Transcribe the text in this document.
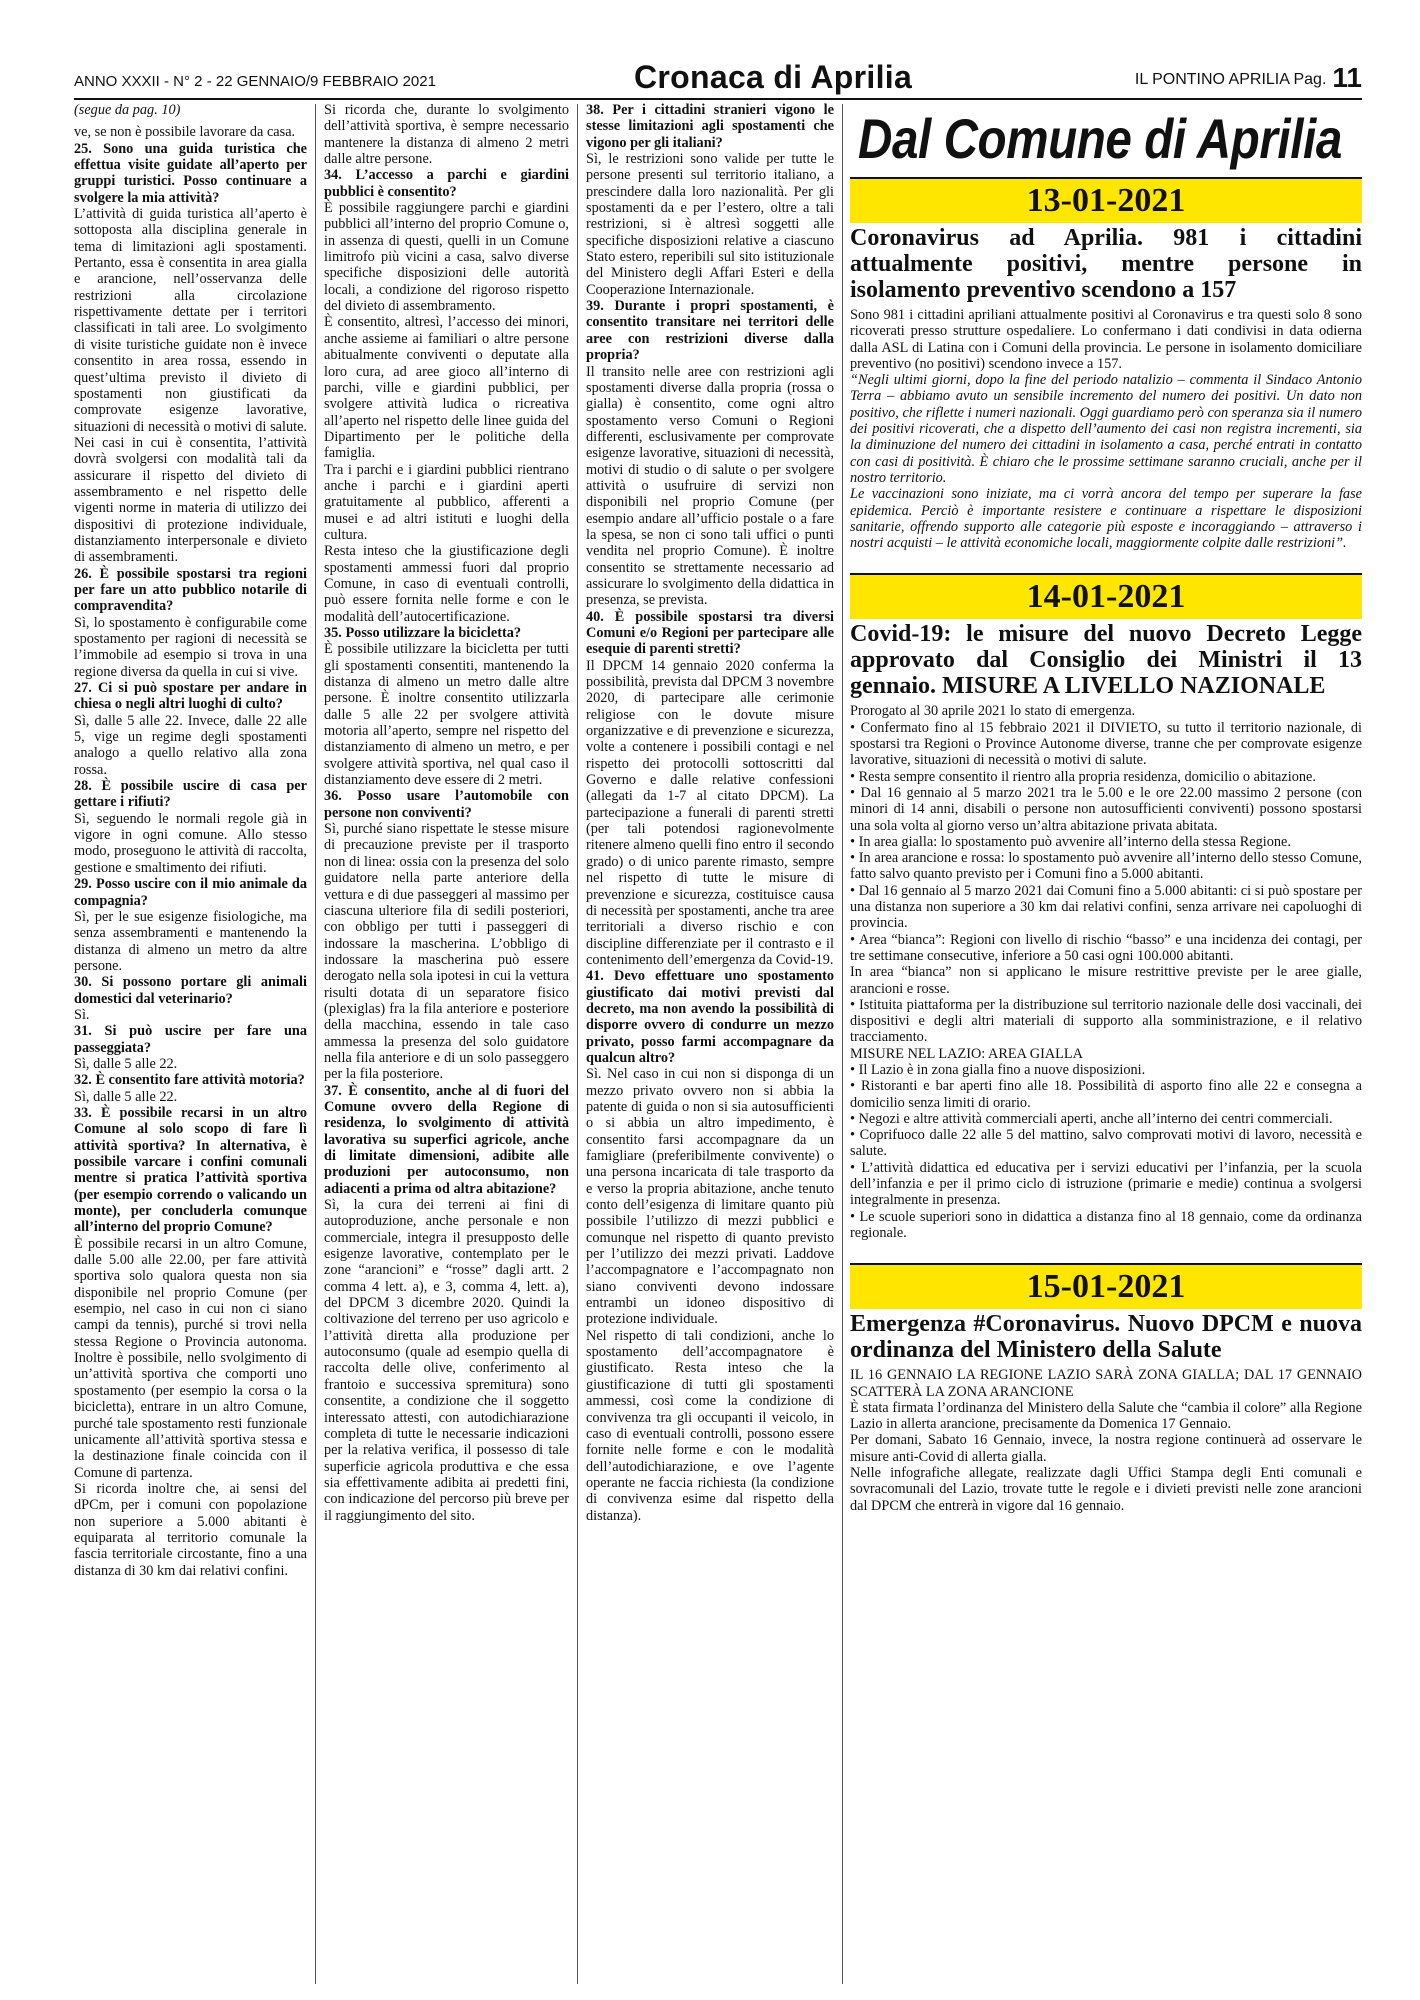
ANNO XXXII - N° 2 - 22 GENNAIO/9 FEBBRAIO 2021	Cronaca di Aprilia	IL PONTINO APRILIA Pag. 11

(segue da pag. 10)

ve, se non è possibile lavorare da casa.

25. Sono una guida turistica che effettua visite guidate all’aperto per gruppi turistici. Posso continuare a svolgere la mia attività?

L’attività di guida turistica all’aperto è sottoposta alla disciplina generale in tema di limitazioni agli spostamenti. Pertanto, essa è consentita in area gialla e arancione, nell’osservanza delle restrizioni alla circolazione rispettivamente dettate per i territori classificati in tali aree. Lo svolgimento di visite turistiche guidate non è invece consentito in area rossa, essendo in quest’ultima previsto il divieto di spostamenti non giustificati da comprovate esigenze lavorative, situazioni di necessità o motivi di salute. Nei casi in cui è consentita, l’attività dovrà svolgersi con modalità tali da assicurare il rispetto del divieto di assembramento e nel rispetto delle vigenti norme in materia di utilizzo dei dispositivi di protezione individuale, distanziamento interpersonale e divieto di assembramenti.

26. È possibile spostarsi tra regioni per fare un atto pubblico notarile di compravendita?

Sì, lo spostamento è configurabile come spostamento per ragioni di necessità se l’immobile ad esempio si trova in una regione diversa da quella in cui si vive.

27. Ci si può spostare per andare in chiesa o negli altri luoghi di culto?

Sì, dalle 5 alle 22. Invece, dalle 22 alle 5, vige un regime degli spostamenti analogo a quello relativo alla zona rossa.

28. È possibile uscire di casa per gettare i rifiuti?

Sì, seguendo le normali regole già in vigore in ogni comune. Allo stesso modo, proseguono le attività di raccolta, gestione e smaltimento dei rifiuti.

29. Posso uscire con il mio animale da compagnia?

Sì, per le sue esigenze fisiologiche, ma senza assembramenti e mantenendo la distanza di almeno un metro da altre persone.

30. Si possono portare gli animali domestici dal veterinario?

Sì.

31. Si può uscire per fare una passeggiata?

Sì, dalle 5 alle 22.

32. È consentito fare attività motoria?

Sì, dalle 5 alle 22.

33. È possibile recarsi in un altro Comune al solo scopo di fare lì attività sportiva? In alternativa, è possibile varcare i confini comunali mentre si pratica l’attività sportiva (per esempio correndo o valicando un monte), per concluderla comunque all’interno del proprio Comune?

È possibile recarsi in un altro Comune, dalle 5.00 alle 22.00, per fare attività sportiva solo qualora questa non sia disponibile nel proprio Comune (per esempio, nel caso in cui non ci siano campi da tennis), purché si trovi nella stessa Regione o Provincia autonoma. Inoltre è possibile, nello svolgimento di un’attività sportiva che comporti uno spostamento (per esempio la corsa o la bicicletta), entrare in un altro Comune, purché tale spostamento resti funzionale unicamente all’attività sportiva stessa e la destinazione finale coincida con il Comune di partenza.

Si ricorda inoltre che, ai sensi del dPCm, per i comuni con popolazione non superiore a 5.000 abitanti è equiparata al territorio comunale la fascia territoriale circostante, fino a una distanza di 30 km dai relativi confini.

Si ricorda che, durante lo svolgimento dell’attività sportiva, è sempre necessario mantenere la distanza di almeno 2 metri dalle altre persone.

34. L’accesso a parchi e giardini pubblici è consentito?

È possibile raggiungere parchi e giardini pubblici all’interno del proprio Comune o, in assenza di questi, quelli in un Comune limitrofo più vicini a casa, salvo diverse specifiche disposizioni delle autorità locali, a condizione del rigoroso rispetto del divieto di assembramento.

È consentito, altresì, l’accesso dei minori, anche assieme ai familiari o altre persone abitualmente conviventi o deputate alla loro cura, ad aree gioco all’interno di parchi, ville e giardini pubblici, per svolgere attività ludica o ricreativa all’aperto nel rispetto delle linee guida del Dipartimento per le politiche della famiglia.

Tra i parchi e i giardini pubblici rientrano anche i parchi e i giardini aperti gratuitamente al pubblico, afferenti a musei e ad altri istituti e luoghi della cultura.

Resta inteso che la giustificazione degli spostamenti ammessi fuori dal proprio Comune, in caso di eventuali controlli, può essere fornita nelle forme e con le modalità dell’autocertificazione.

35. Posso utilizzare la bicicletta?

È possibile utilizzare la bicicletta per tutti gli spostamenti consentiti, mantenendo la distanza di almeno un metro dalle altre persone. È inoltre consentito utilizzarla dalle 5 alle 22 per svolgere attività motoria all’aperto, sempre nel rispetto del distanziamento di almeno un metro, e per svolgere attività sportiva, nel qual caso il distanziamento deve essere di 2 metri.

36. Posso usare l’automobile con persone non conviventi?

Sì, purché siano rispettate le stesse misure di precauzione previste per il trasporto non di linea: ossia con la presenza del solo guidatore nella parte anteriore della vettura e di due passeggeri al massimo per ciascuna ulteriore fila di sedili posteriori, con obbligo per tutti i passeggeri di indossare la mascherina. L’obbligo di indossare la mascherina può essere derogato nella sola ipotesi in cui la vettura risulti dotata di un separatore fisico (plexiglas) fra la fila anteriore e posteriore della macchina, essendo in tale caso ammessa la presenza del solo guidatore nella fila anteriore e di un solo passeggero per la fila posteriore.

37. È consentito, anche al di fuori del Comune ovvero della Regione di residenza, lo svolgimento di attività lavorativa su superfici agricole, anche di limitate dimensioni, adibite alle produzioni per autoconsumo, non adiacenti a prima od altra abitazione?

Sì, la cura dei terreni ai fini di autoproduzione, anche personale e non commerciale, integra il presupposto delle esigenze lavorative, contemplato per le zone “arancioni” e “rosse” dagli artt. 2 comma 4 lett. a), e 3, comma 4, lett. a), del DPCM 3 dicembre 2020. Quindi la coltivazione del terreno per uso agricolo e l’attività diretta alla produzione per autoconsumo (quale ad esempio quella di raccolta delle olive, conferimento al frantoio e successiva spremitura) sono consentite, a condizione che il soggetto interessato attesti, con autodichiarazione completa di tutte le necessarie indicazioni per la relativa verifica, il possesso di tale superficie agricola produttiva e che essa sia effettivamente adibita ai predetti fini, con indicazione del percorso più breve per il raggiungimento del sito.

38. Per i cittadini stranieri vigono le stesse limitazioni agli spostamenti che vigono per gli italiani?

Sì, le restrizioni sono valide per tutte le persone presenti sul territorio italiano, a prescindere dalla loro nazionalità. Per gli spostamenti da e per l’estero, oltre a tali restrizioni, si è altresì soggetti alle specifiche disposizioni relative a ciascuno Stato estero, reperibili sul sito istituzionale del Ministero degli Affari Esteri e della Cooperazione Internazionale.

39. Durante i propri spostamenti, è consentito transitare nei territori delle aree con restrizioni diverse dalla propria?

Il transito nelle aree con restrizioni agli spostamenti diverse dalla propria (rossa o gialla) è consentito, come ogni altro spostamento verso Comuni o Regioni differenti, esclusivamente per comprovate esigenze lavorative, situazioni di necessità, motivi di studio o di salute o per svolgere attività o usufruire di servizi non disponibili nel proprio Comune (per esempio andare all’ufficio postale o a fare la spesa, se non ci sono tali uffici o punti vendita nel proprio Comune). È inoltre consentito se strettamente necessario ad assicurare lo svolgimento della didattica in presenza, se prevista.

40. È possibile spostarsi tra diversi Comuni e/o Regioni per partecipare alle esequie di parenti stretti?

Il DPCM 14 gennaio 2020 conferma la possibilità, prevista dal DPCM 3 novembre 2020, di partecipare alle cerimonie religiose con le dovute misure organizzative e di prevenzione e sicurezza, volte a contenere i possibili contagi e nel rispetto dei protocolli sottoscritti dal Governo e dalle relative confessioni (allegati da 1-7 al citato DPCM). La partecipazione a funerali di parenti stretti (per tali potendosi ragionevolmente ritenere almeno quelli fino entro il secondo grado) o di unico parente rimasto, sempre nel rispetto di tutte le misure di prevenzione e sicurezza, costituisce causa di necessità per spostamenti, anche tra aree territoriali a diverso rischio e con discipline differenziate per il contrasto e il contenimento dell’emergenza da Covid-19.

41. Devo effettuare uno spostamento giustificato dai motivi previsti dal decreto, ma non avendo la possibilità di disporre ovvero di condurre un mezzo privato, posso farmi accompagnare da qualcun altro?

Sì. Nel caso in cui non si disponga di un mezzo privato ovvero non si abbia la patente di guida o non si sia autosufficienti o si abbia un altro impedimento, è consentito farsi accompagnare da un famigliare (preferibilmente convivente) o una persona incaricata di tale trasporto da e verso la propria abitazione, anche tenuto conto dell’esigenza di limitare quanto più possibile l’utilizzo di mezzi pubblici e comunque nel rispetto di quanto previsto per l’utilizzo dei mezzi privati. Laddove l’accompagnatore e l’accompagnato non siano conviventi devono indossare entrambi un idoneo dispositivo di protezione individuale.

Nel rispetto di tali condizioni, anche lo spostamento dell’accompagnatore è giustificato. Resta inteso che la giustificazione di tutti gli spostamenti ammessi, così come la condizione di convivenza tra gli occupanti il veicolo, in caso di eventuali controlli, possono essere fornite nelle forme e con le modalità dell’autodichiarazione, e ove l’agente operante ne faccia richiesta (la condizione di convivenza esime dal rispetto della distanza).

Dal Comune di Aprilia
13-01-2021
Coronavirus ad Aprilia. 981 i cittadini attualmente positivi, mentre persone in isolamento preventivo scendono a 157

Sono 981 i cittadini apriliani attualmente positivi al Coronavirus e tra questi solo 8 sono ricoverati presso strutture ospedaliere. Lo confermano i dati condivisi in data odierna dalla ASL di Latina con i Comuni della provincia. Le persone in isolamento domiciliare preventivo (no positivi) scendono invece a 157.

“Negli ultimi giorni, dopo la fine del periodo natalizio – commenta il Sindaco Antonio Terra – abbiamo avuto un sensibile incremento del numero dei positivi. Un dato non positivo, che riflette i numeri nazionali. Oggi guardiamo però con speranza sia il numero dei positivi ricoverati, che a dispetto dell’aumento dei casi non registra incrementi, sia la diminuzione del numero dei cittadini in isolamento a casa, perché entrati in contatto con casi di positività. È chiaro che le prossime settimane saranno cruciali, anche per il nostro territorio.

Le vaccinazioni sono iniziate, ma ci vorrà ancora del tempo per superare la fase epidemica. Perciò è importante resistere e continuare a rispettare le disposizioni sanitarie, offrendo supporto alle categorie più esposte e incoraggiando – attraverso i nostri acquisti – le attività economiche locali, maggiormente colpite dalle restrizioni”.

14-01-2021
Covid-19: le misure del nuovo Decreto Legge approvato dal Consiglio dei Ministri il 13 gennaio. MISURE A LIVELLO NAZIONALE

Prorogato al 30 aprile 2021 lo stato di emergenza.

• Confermato fino al 15 febbraio 2021 il DIVIETO, su tutto il territorio nazionale, di spostarsi tra Regioni o Province Autonome diverse, tranne che per comprovate esigenze lavorative, situazioni di necessità o motivi di salute.

• Resta sempre consentito il rientro alla propria residenza, domicilio o abitazione.

• Dal 16 gennaio al 5 marzo 2021 tra le 5.00 e le ore 22.00 massimo 2 persone (con minori di 14 anni, disabili o persone non autosufficienti conviventi) possono spostarsi una sola volta al giorno verso un’altra abitazione privata abitata.

• In area gialla: lo spostamento può avvenire all’interno della stessa Regione.

• In area arancione e rossa: lo spostamento può avvenire all’interno dello stesso Comune, fatto salvo quanto previsto per i Comuni fino a 5.000 abitanti.

• Dal 16 gennaio al 5 marzo 2021 dai Comuni fino a 5.000 abitanti: ci si può spostare per una distanza non superiore a 30 km dai relativi confini, senza arrivare nei capoluoghi di provincia.

• Area “bianca”: Regioni con livello di rischio “basso” e una incidenza dei contagi, per tre settimane consecutive, inferiore a 50 casi ogni 100.000 abitanti.

In area “bianca” non si applicano le misure restrittive previste per le aree gialle, arancioni e rosse.

• Istituita piattaforma per la distribuzione sul territorio nazionale delle dosi vaccinali, dei dispositivi e degli altri materiali di supporto alla somministrazione, e il relativo tracciamento.

MISURE NEL LAZIO: AREA GIALLA

• Il Lazio è in zona gialla fino a nuove disposizioni.

• Ristoranti e bar aperti fino alle 18. Possibilità di asporto fino alle 22 e consegna a domicilio senza limiti di orario.

• Negozi e altre attività commerciali aperti, anche all’interno dei centri commerciali.

• Coprifuoco dalle 22 alle 5 del mattino, salvo comprovati motivi di lavoro, necessità e salute.

• L’attività didattica ed educativa per i servizi educativi per l’infanzia, per la scuola dell’infanzia e per il primo ciclo di istruzione (primarie e medie) continua a svolgersi integralmente in presenza.

• Le scuole superiori sono in didattica a distanza fino al 18 gennaio, come da ordinanza regionale.

15-01-2021
Emergenza #Coronavirus. Nuovo DPCM e nuova ordinanza del Ministero della Salute

IL 16 GENNAIO LA REGIONE LAZIO SARÀ ZONA GIALLA; DAL 17 GENNAIO SCATTERÀ LA ZONA ARANCIONE

È stata firmata l’ordinanza del Ministero della Salute che “cambia il colore” alla Regione Lazio in allerta arancione, precisamente da Domenica 17 Gennaio.

Per domani, Sabato 16 Gennaio, invece, la nostra regione continuerà ad osservare le misure anti-Covid di allerta gialla.

Nelle infografiche allegate, realizzate dagli Uffici Stampa degli Enti comunali e sovracomunali del Lazio, trovate tutte le regole e i divieti previsti nelle zone arancioni dal DPCM che entrerà in vigore dal 16 gennaio.
